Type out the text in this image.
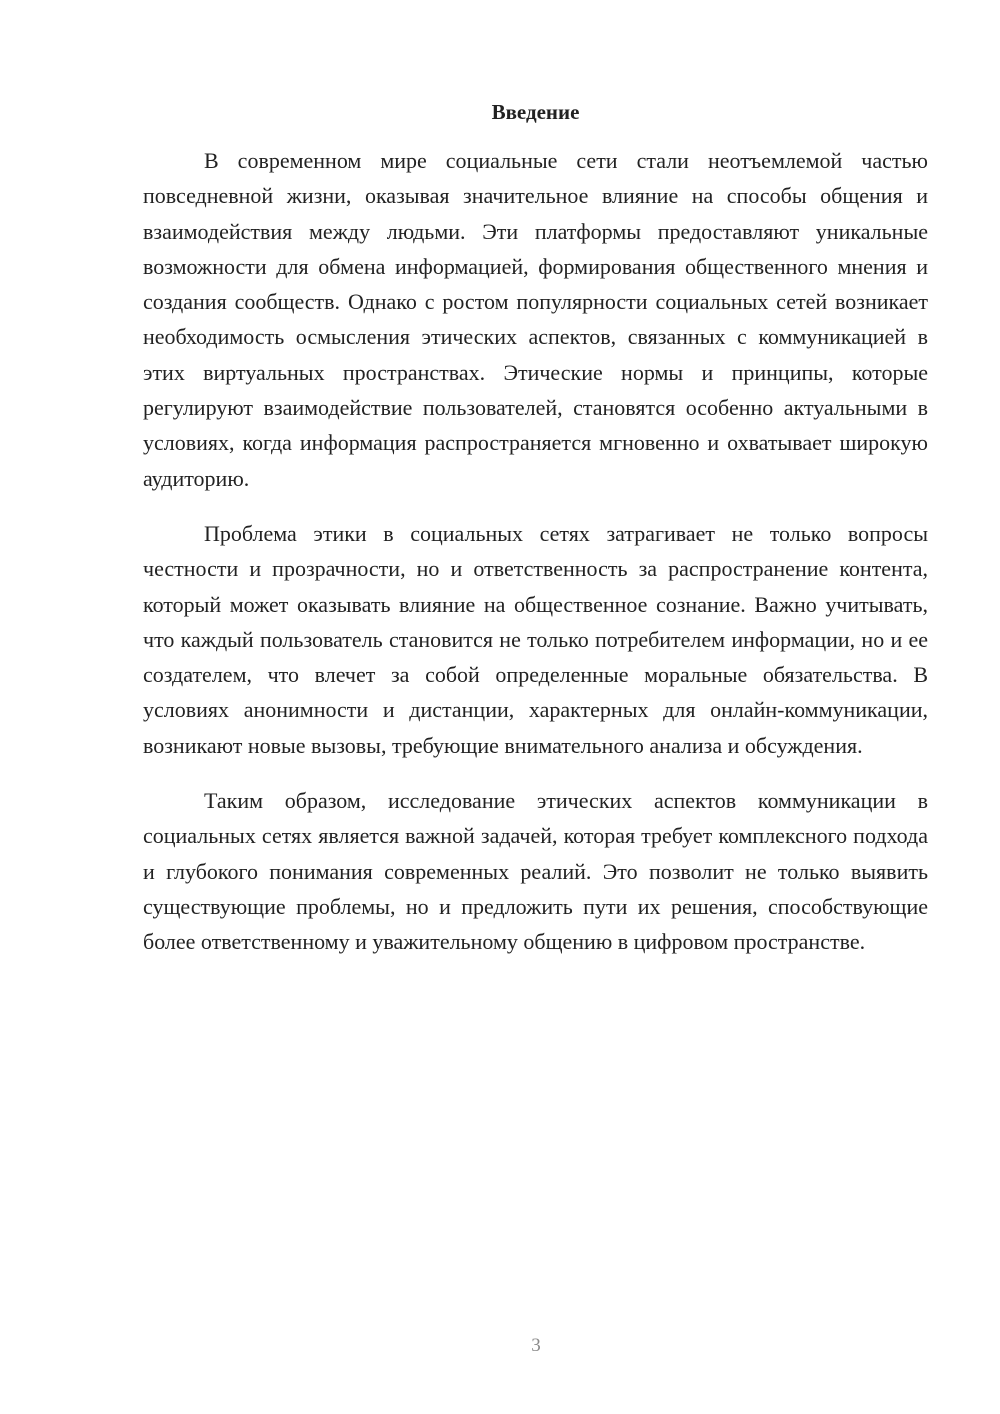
Введение

В современном мире социальные сети стали неотъемлемой частью повседневной жизни, оказывая значительное влияние на способы общения и взаимодействия между людьми. Эти платформы предоставляют уникальные возможности для обмена информацией, формирования общественного мнения и создания сообществ. Однако с ростом популярности социальных сетей возникает необходимость осмысления этических аспектов, связанных с коммуникацией в этих виртуальных пространствах. Этические нормы и принципы, которые регулируют взаимодействие пользователей, становятся особенно актуальными в условиях, когда информация распространяется мгновенно и охватывает широкую аудиторию.

Проблема этики в социальных сетях затрагивает не только вопросы честности и прозрачности, но и ответственность за распространение контента, который может оказывать влияние на общественное сознание. Важно учитывать, что каждый пользователь становится не только потребителем информации, но и ее создателем, что влечет за собой определенные моральные обязательства. В условиях анонимности и дистанции, характерных для онлайн-коммуникации, возникают новые вызовы, требующие внимательного анализа и обсуждения.

Таким образом, исследование этических аспектов коммуникации в социальных сетях является важной задачей, которая требует комплексного подхода и глубокого понимания современных реалий. Это позволит не только выявить существующие проблемы, но и предложить пути их решения, способствующие более ответственному и уважительному общению в цифровом пространстве.

3
